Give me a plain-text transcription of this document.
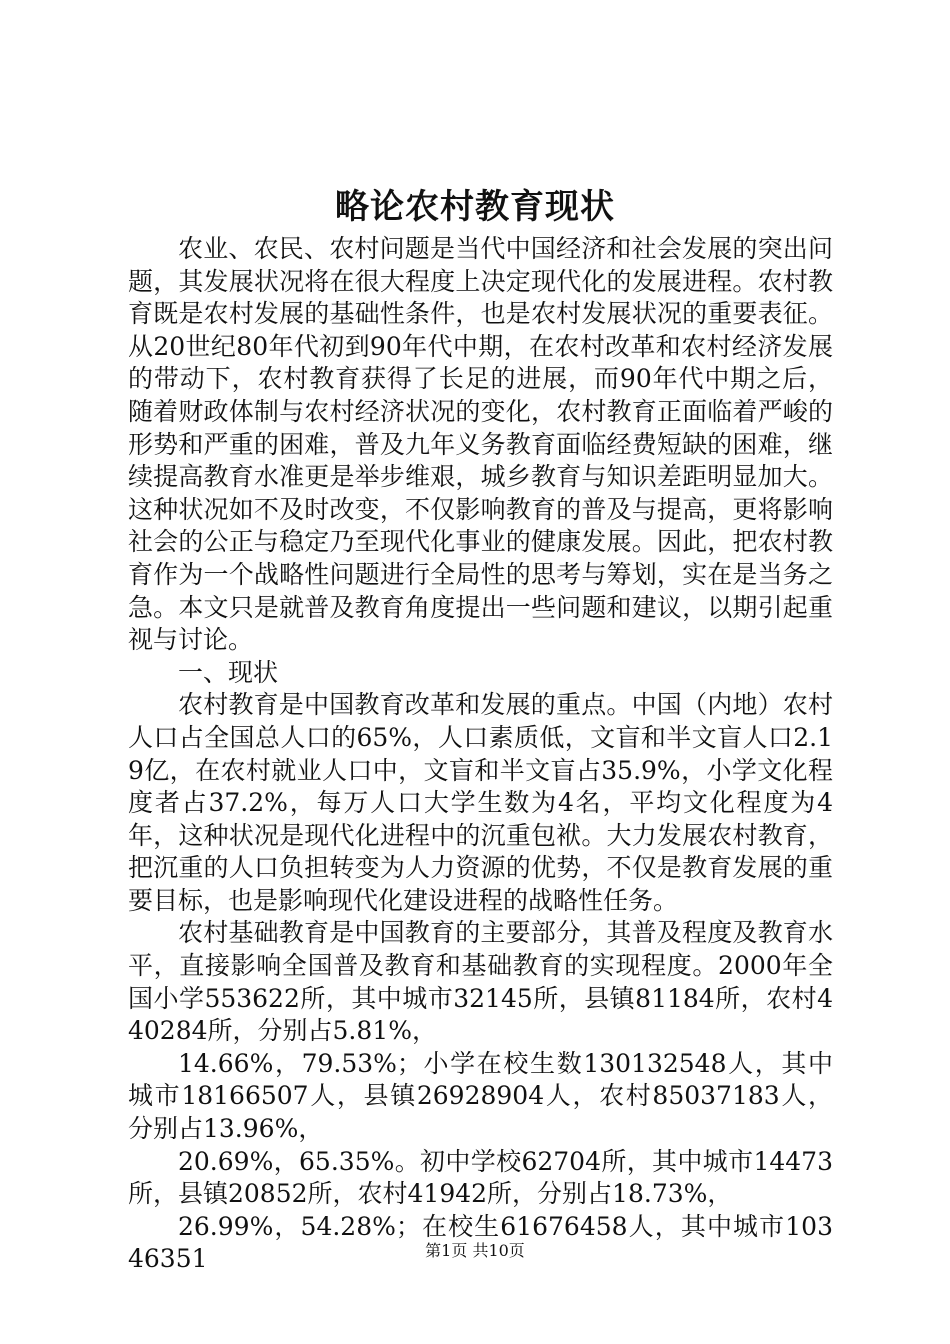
略论农村教育现状

农业、农民、农村问题是当代中国经济和社会发展的突出问题，其发展状况将在很大程度上决定现代化的发展进程。农村教育既是农村发展的基础性条件，也是农村发展状况的重要表征。从20世纪80年代初到90年代中期，在农村改革和农村经济发展的带动下，农村教育获得了长足的进展，而90年代中期之后，随着财政体制与农村经济状况的变化，农村教育正面临着严峻的形势和严重的困难，普及九年义务教育面临经费短缺的困难，继续提高教育水准更是举步维艰，城乡教育与知识差距明显加大。这种状况如不及时改变，不仅影响教育的普及与提高，更将影响社会的公正与稳定乃至现代化事业的健康发展。因此，把农村教育作为一个战略性问题进行全局性的思考与筹划，实在是当务之急。本文只是就普及教育角度提出一些问题和建议，以期引起重视与讨论。

一、现状

农村教育是中国教育改革和发展的重点。中国（内地）农村人口占全国总人口的65%，人口素质低，文盲和半文盲人口2.19亿，在农村就业人口中，文盲和半文盲占35.9%，小学文化程度者占37.2%，每万人口大学生数为4名，平均文化程度为4年，这种状况是现代化进程中的沉重包袱。大力发展农村教育，把沉重的人口负担转变为人力资源的优势，不仅是教育发展的重要目标，也是影响现代化建设进程的战略性任务。

农村基础教育是中国教育的主要部分，其普及程度及教育水平，直接影响全国普及教育和基础教育的实现程度。2000年全国小学553622所，其中城市32145所，县镇81184所，农村440284所，分别占5.81%，

14.66%，79.53%；小学在校生数130132548人，其中城市18166507人，县镇26928904人，农村85037183人，分别占13.96%，

20.69%，65.35%。初中学校62704所，其中城市14473所，县镇20852所，农村41942所，分别占18.73%，

26.99%，54.28%；在校生61676458人，其中城市10346351	第1页 共10页
